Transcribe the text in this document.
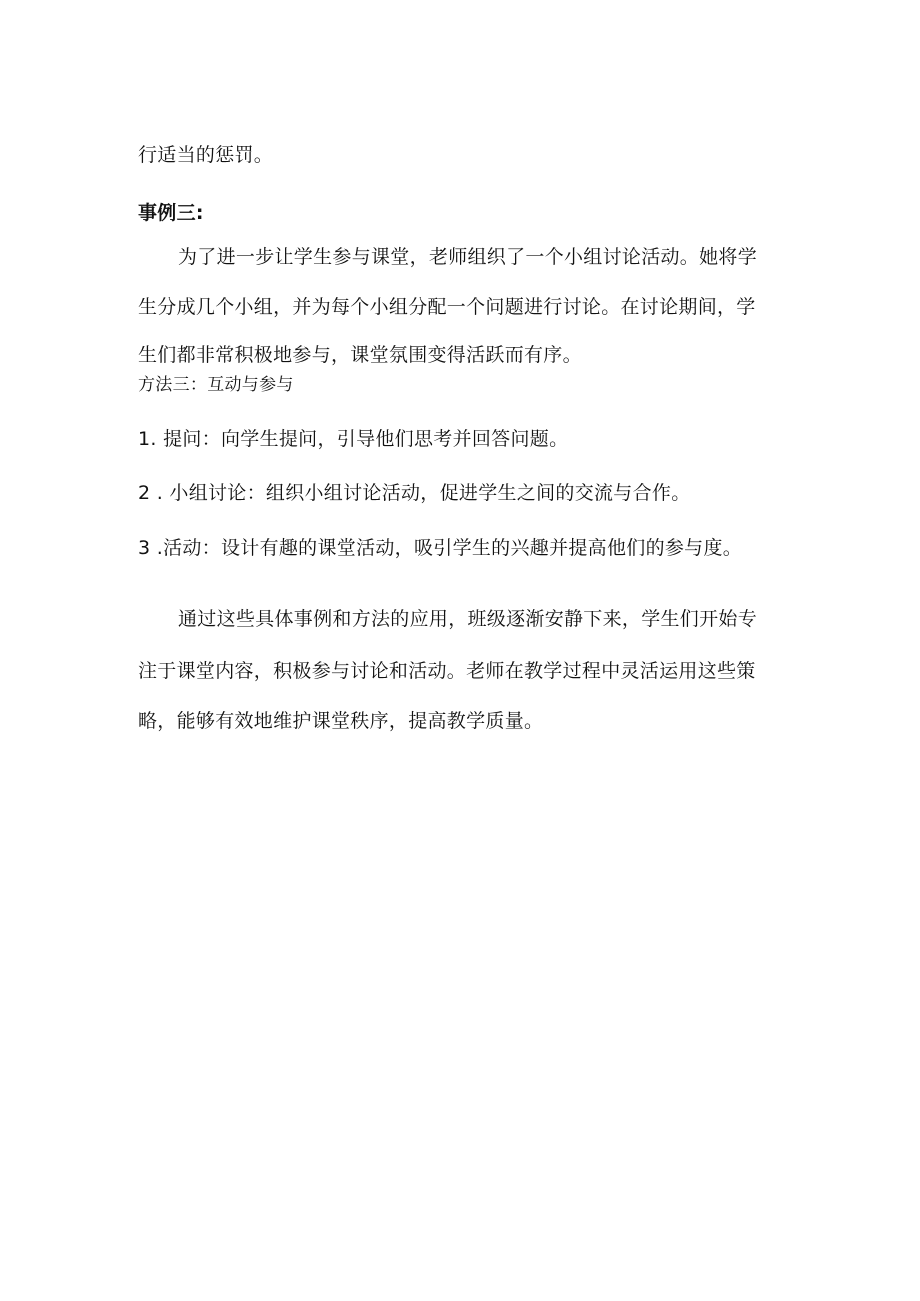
行适当的惩罚。
事例三:
为了进一步让学生参与课堂，老师组织了一个小组讨论活动。她将学
生分成几个小组，并为每个小组分配一个问题进行讨论。在讨论期间，学
生们都非常积极地参与，课堂氛围变得活跃而有序。
方法三：互动与参与
1. 提问：向学生提问，引导他们思考并回答问题。
2 . 小组讨论：组织小组讨论活动，促进学生之间的交流与合作。
3 .活动：设计有趣的课堂活动，吸引学生的兴趣并提高他们的参与度。
通过这些具体事例和方法的应用，班级逐渐安静下来，学生们开始专
注于课堂内容，积极参与讨论和活动。老师在教学过程中灵活运用这些策
略，能够有效地维护课堂秩序，提高教学质量。
